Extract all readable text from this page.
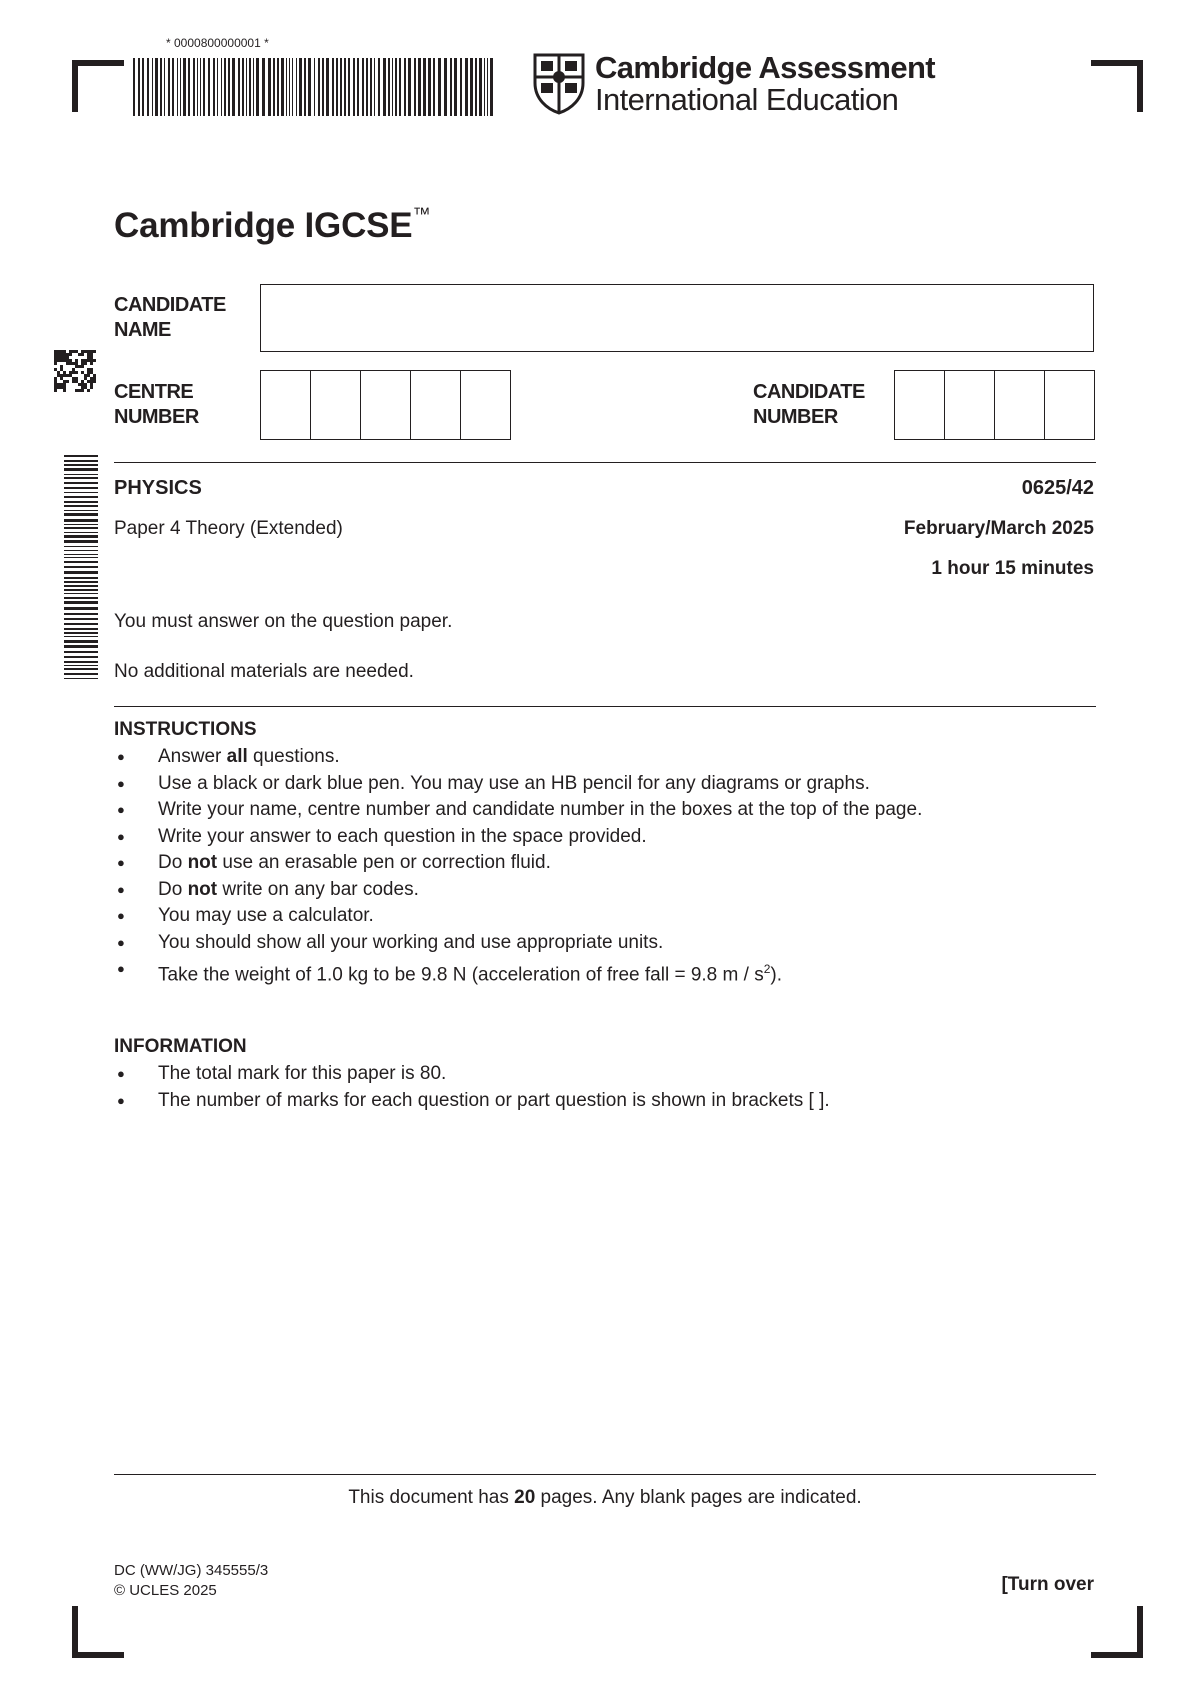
* 0000800000001 *
Cambridge Assessment
International Education
Cambridge IGCSE™
CANDIDATE
NAME
CENTRE
NUMBER
CANDIDATE
NUMBER
PHYSICS	0625/42
Paper 4 Theory (Extended)	February/March 2025
1 hour 15 minutes
You must answer on the question paper.
No additional materials are needed.
INSTRUCTIONS
● Answer all questions.
● Use a black or dark blue pen. You may use an HB pencil for any diagrams or graphs.
● Write your name, centre number and candidate number in the boxes at the top of the page.
● Write your answer to each question in the space provided.
● Do not use an erasable pen or correction fluid.
● Do not write on any bar codes.
● You may use a calculator.
● You should show all your working and use appropriate units.
● Take the weight of 1.0 kg to be 9.8 N (acceleration of free fall = 9.8 m / $s^2$).
INFORMATION
● The total mark for this paper is 80.
● The number of marks for each question or part question is shown in brackets [ ].
This document has 20 pages. Any blank pages are indicated.
DC (WW/JG) 345555/3
© UCLES 2025	[Turn over
